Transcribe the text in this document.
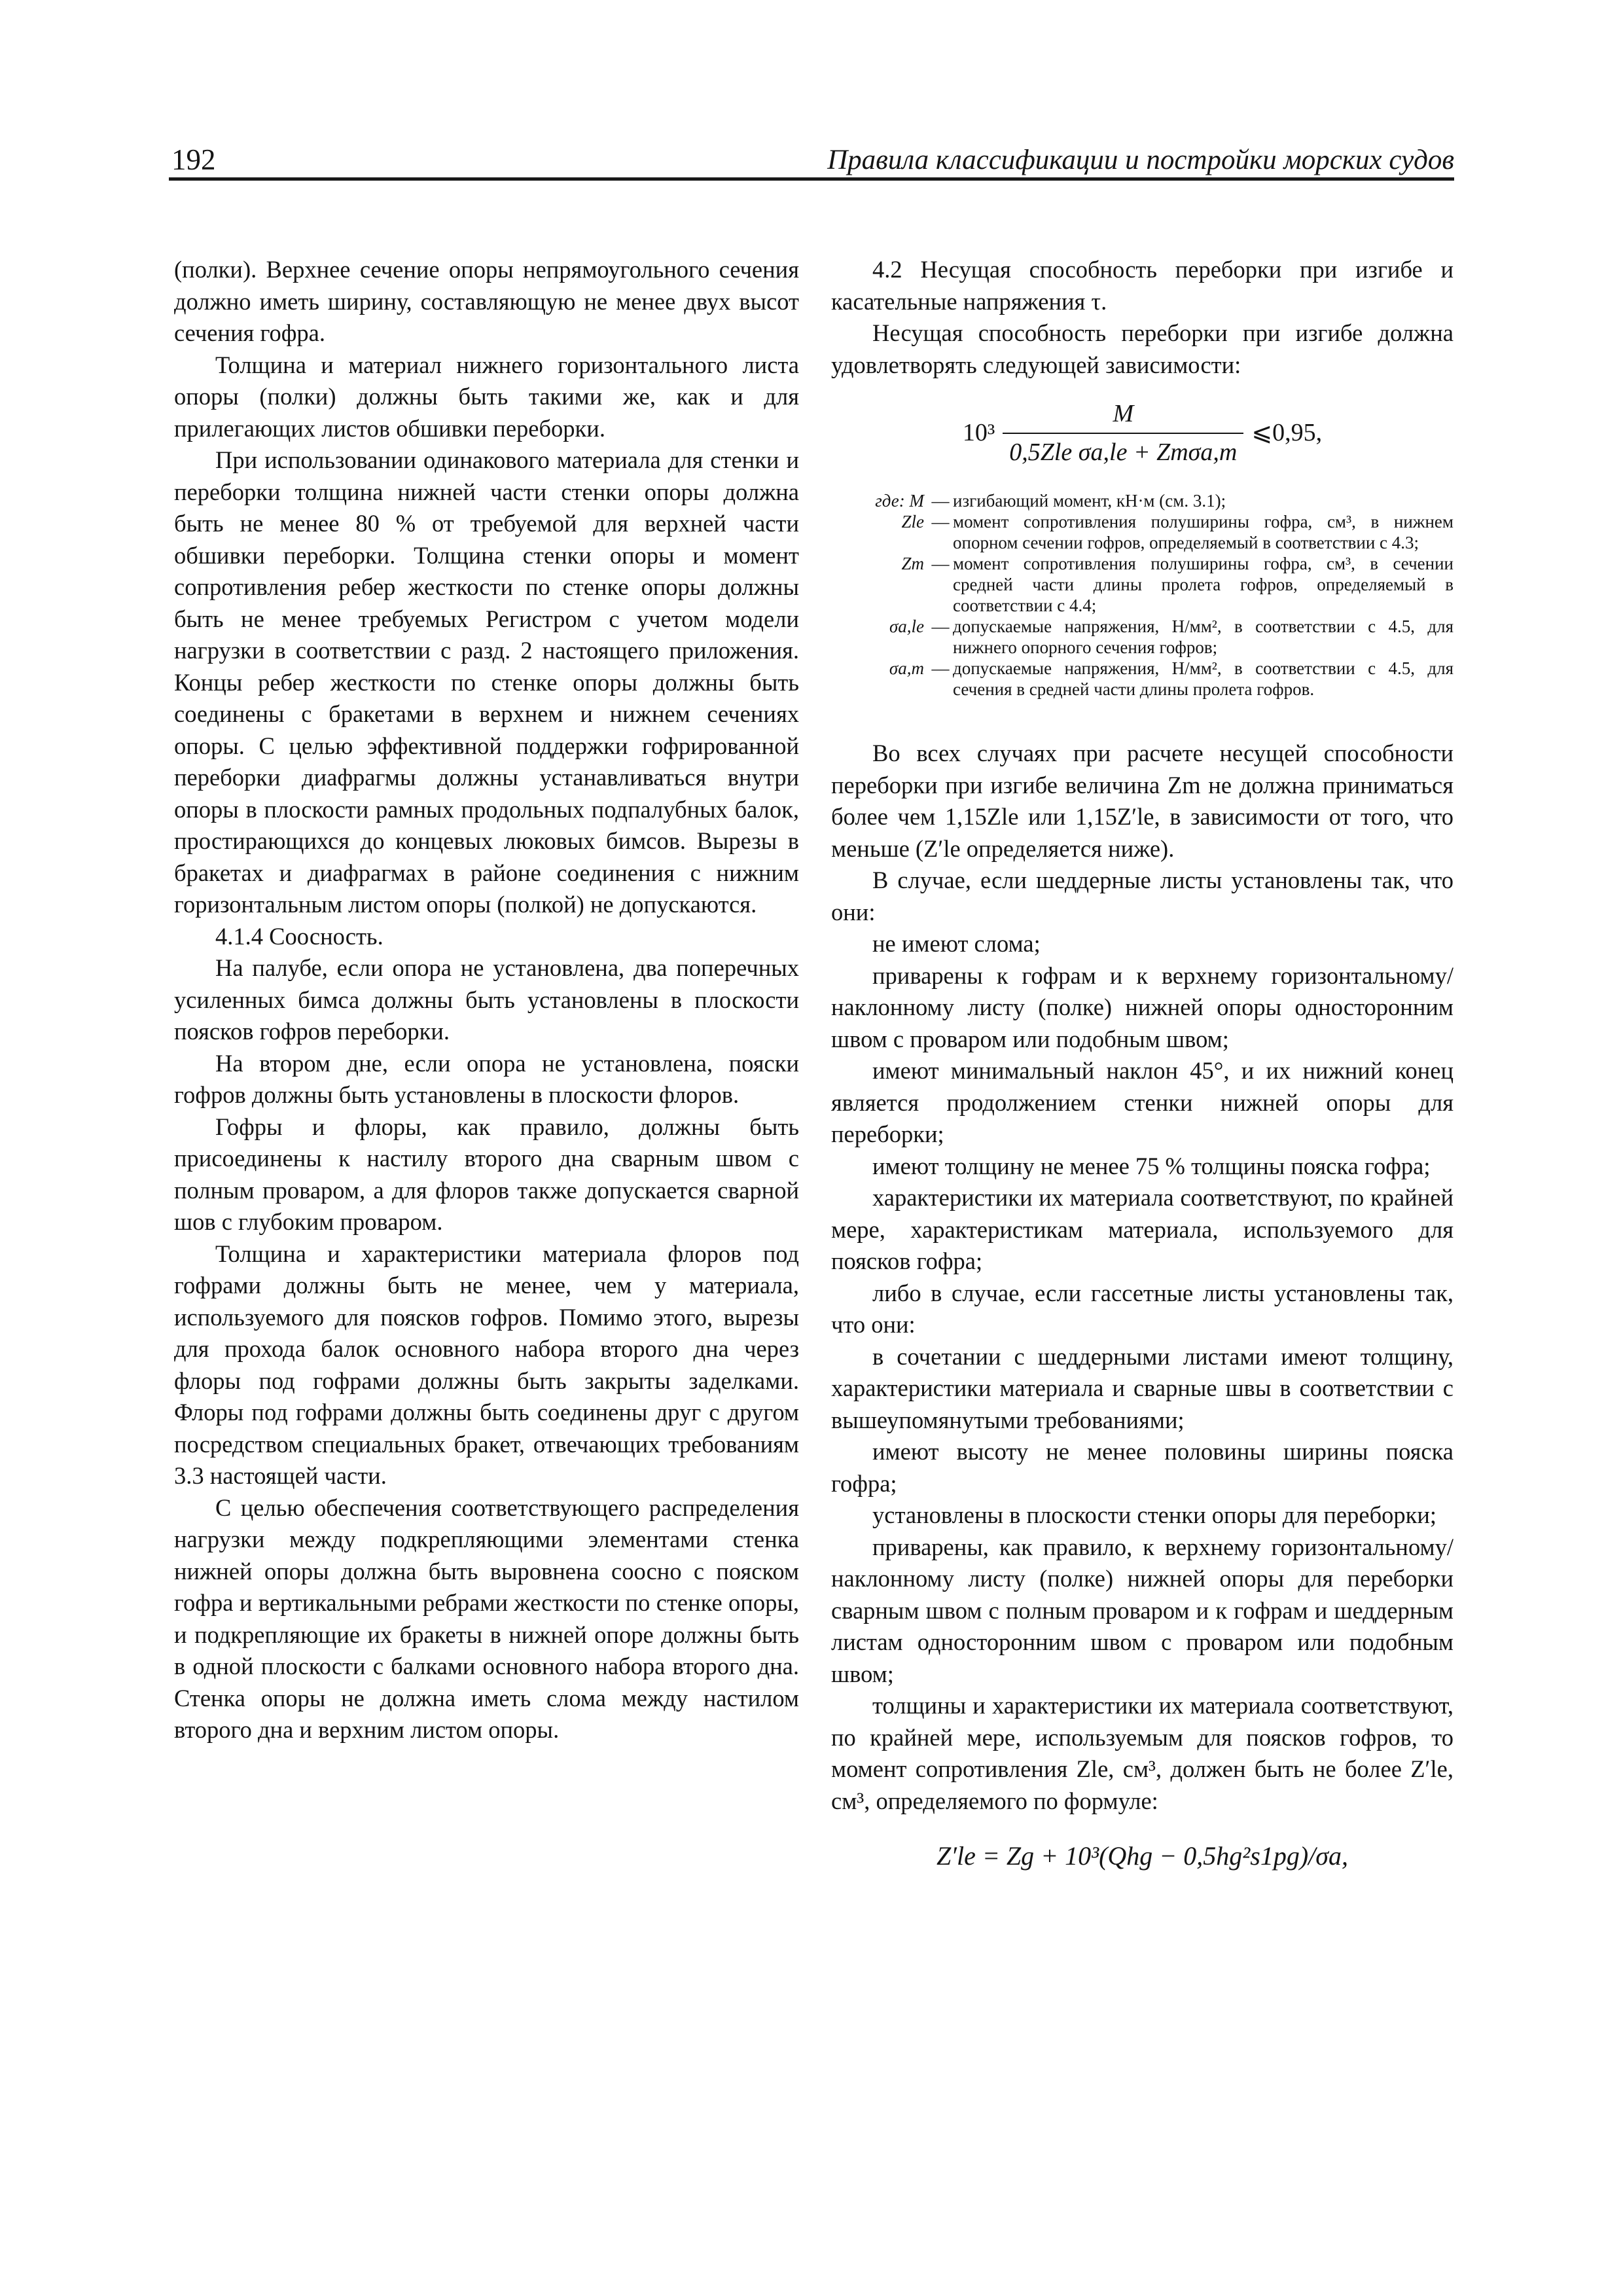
192	Правила классификации и постройки морских судов

(полки). Верхнее сечение опоры непрямоугольного сечения должно иметь ширину, составляющую не менее двух высот сечения гофра.

Толщина и материал нижнего горизонтального листа опоры (полки) должны быть такими же, как и для прилегающих листов обшивки переборки.

При использовании одинакового материала для стенки и переборки толщина нижней части стенки опоры должна быть не менее 80 % от требуемой для верхней части обшивки переборки. Толщина стенки опоры и момент сопротивления ребер жесткости по стенке опоры должны быть не менее требуемых Регистром с учетом модели нагрузки в соответствии с разд. 2 настоящего приложения. Концы ребер жесткости по стенке опоры должны быть соединены с бракетами в верхнем и нижнем сечениях опоры. С целью эффективной поддержки гофрированной переборки диафрагмы должны устанавливаться внутри опоры в плоскости рамных продольных подпалубных балок, простирающихся до концевых люковых бимсов. Вырезы в бракетах и диафрагмах в районе соединения с нижним горизонтальным листом опоры (полкой) не допускаются.

4.1.4 Соосность.

На палубе, если опора не установлена, два поперечных усиленных бимса должны быть установлены в плоскости поясков гофров переборки.

На втором дне, если опора не установлена, пояски гофров должны быть установлены в плоскости флоров.

Гофры и флоры, как правило, должны быть присоединены к настилу второго дна сварным швом с полным проваром, а для флоров также допускается сварной шов с глубоким проваром.

Толщина и характеристики материала флоров под гофрами должны быть не менее, чем у материала, используемого для поясков гофров. Помимо этого, вырезы для прохода балок основного набора второго дна через флоры под гофрами должны быть закрыты заделками. Флоры под гофрами должны быть соединены друг с другом посредством специальных бракет, отвечающих требованиям 3.3 настоящей части.

С целью обеспечения соответствующего распределения нагрузки между подкрепляющими элементами стенка нижней опоры должна быть выровнена соосно с пояском гофра и вертикальными ребрами жесткости по стенке опоры, и подкрепляющие их бракеты в нижней опоре должны быть в одной плоскости с балками основного набора второго дна. Стенка опоры не должна иметь слома между настилом второго дна и верхним листом опоры.

4.2 Несущая способность переборки при изгибе и касательные напряжения τ.

Несущая способность переборки при изгибе должна удовлетворять следующей зависимости:

10³	$\frac{M}{\text{0,5Zle σa,le + Zmσa,m}}$	⩽0,95,
где: M	—	изгибающий момент, кН·м (см. 3.1);
Zle	—	момент сопротивления полуширины гофра, см³, в нижнем опорном сечении гофров, определяемый в соответствии с 4.3;
Zm	—	момент сопротивления полуширины гофра, см³, в сечении средней части длины пролета гофров, определяемый в соответствии с 4.4;
σa,le	—	допускаемые напряжения, Н/мм², в соответствии с 4.5, для нижнего опорного сечения гофров;
σa,m	—	допускаемые напряжения, Н/мм², в соответствии с 4.5, для сечения в средней части длины пролета гофров.

Во всех случаях при расчете несущей способности переборки при изгибе величина Zm не должна приниматься более чем 1,15Zle или 1,15Z′le, в зависимости от того, что меньше (Z′le определяется ниже).

В случае, если шеддерные листы установлены так, что они:

не имеют слома;

приварены к гофрам и к верхнему горизонтальному/наклонному листу (полке) нижней опоры односторонним швом с проваром или подобным швом;

имеют минимальный наклон 45°, и их нижний конец является продолжением стенки нижней опоры для переборки;

имеют толщину не менее 75 % толщины пояска гофра;

характеристики их материала соответствуют, по крайней мере, характеристикам материала, используемого для поясков гофра;

либо в случае, если гассетные листы установлены так, что они:

в сочетании с шеддерными листами имеют толщину, характеристики материала и сварные швы в соответствии с вышеупомянутыми требованиями;

имеют высоту не менее половины ширины пояска гофра;

установлены в плоскости стенки опоры для переборки;

приварены, как правило, к верхнему горизонтальному/наклонному листу (полке) нижней опоры для переборки сварным швом с полным проваром и к гофрам и шеддерным листам односторонним швом с проваром или подобным швом;

толщины и характеристики их материала соответствуют, по крайней мере, используемым для поясков гофров, то момент сопротивления Zle, см³, должен быть не более Z′le, см³, определяемого по формуле:

Z′le = Zg + 10³(Qhg − 0,5hg²s1pg)/σa,
